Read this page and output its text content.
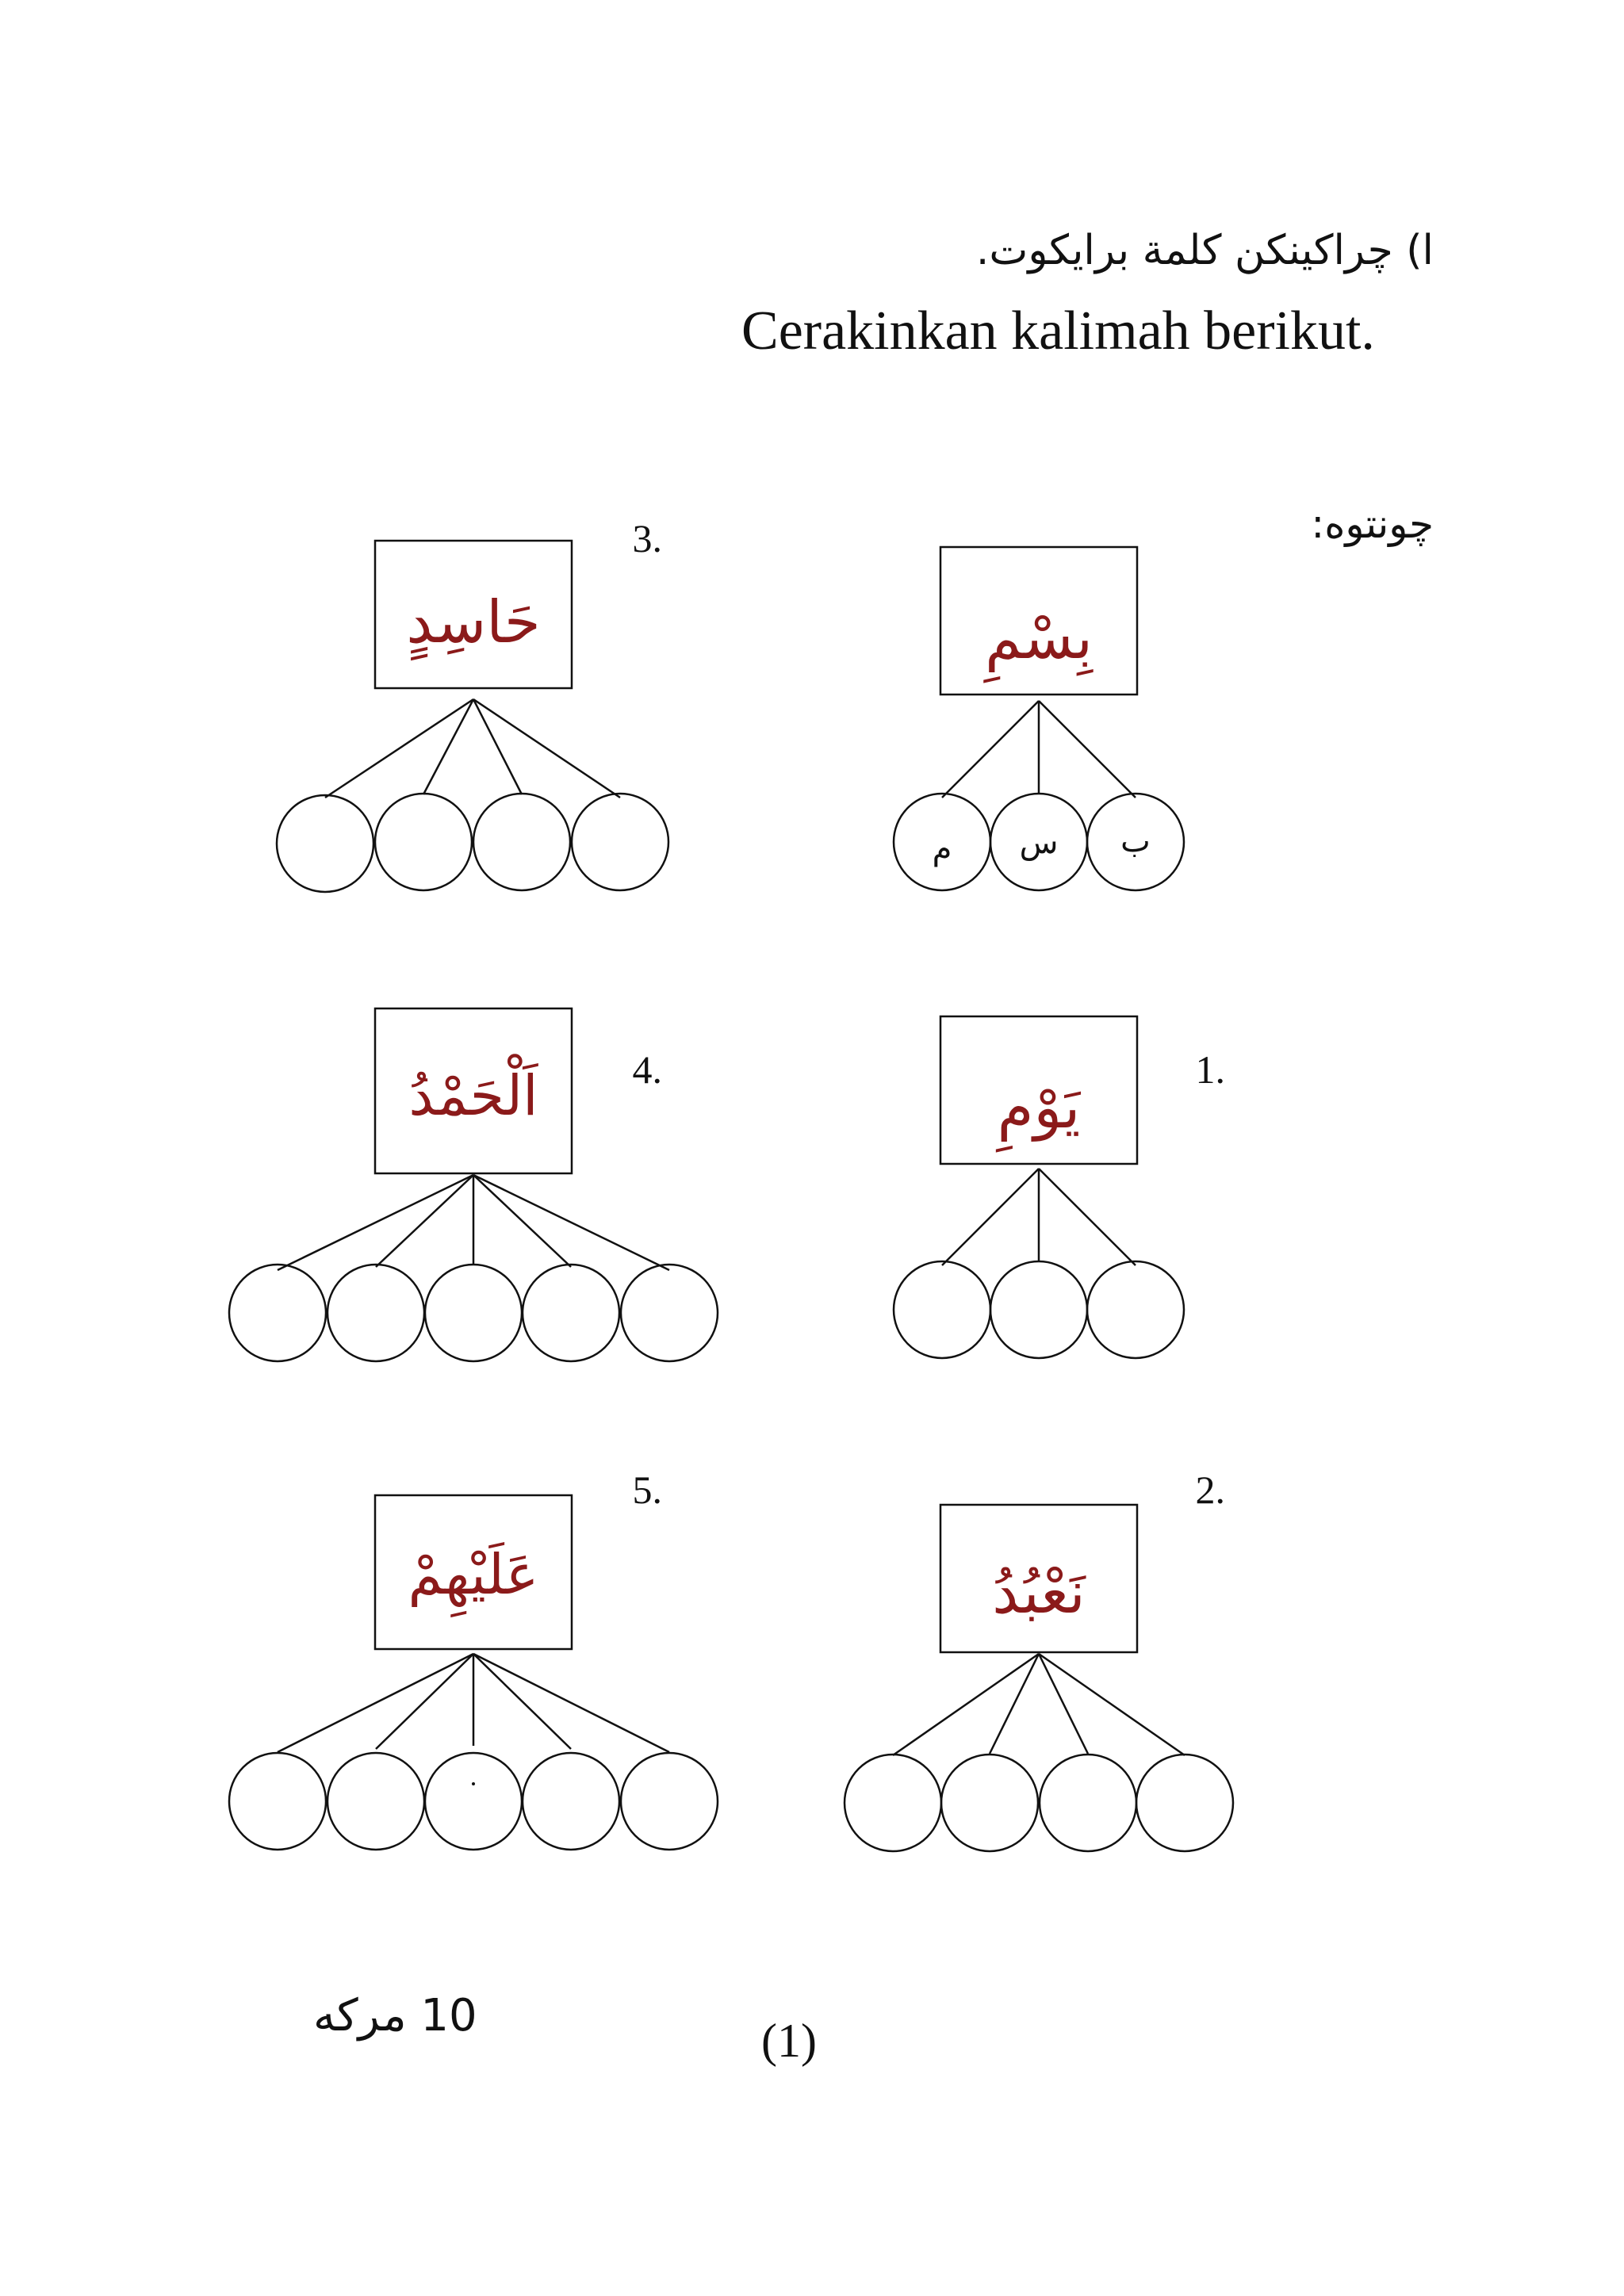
ا) چراکينکن کلمة برايکوت.
Cerakinkan kalimah berikut.
چونتوه:
بِسْمِ
ب
س
م
1.
يَوْمِ
2.
نَعْبُدُ
3.
حَاسِدٍ
4.
اَلْحَمْدُ
5.
عَلَيْهِمْ
10 مرکه	(1)
